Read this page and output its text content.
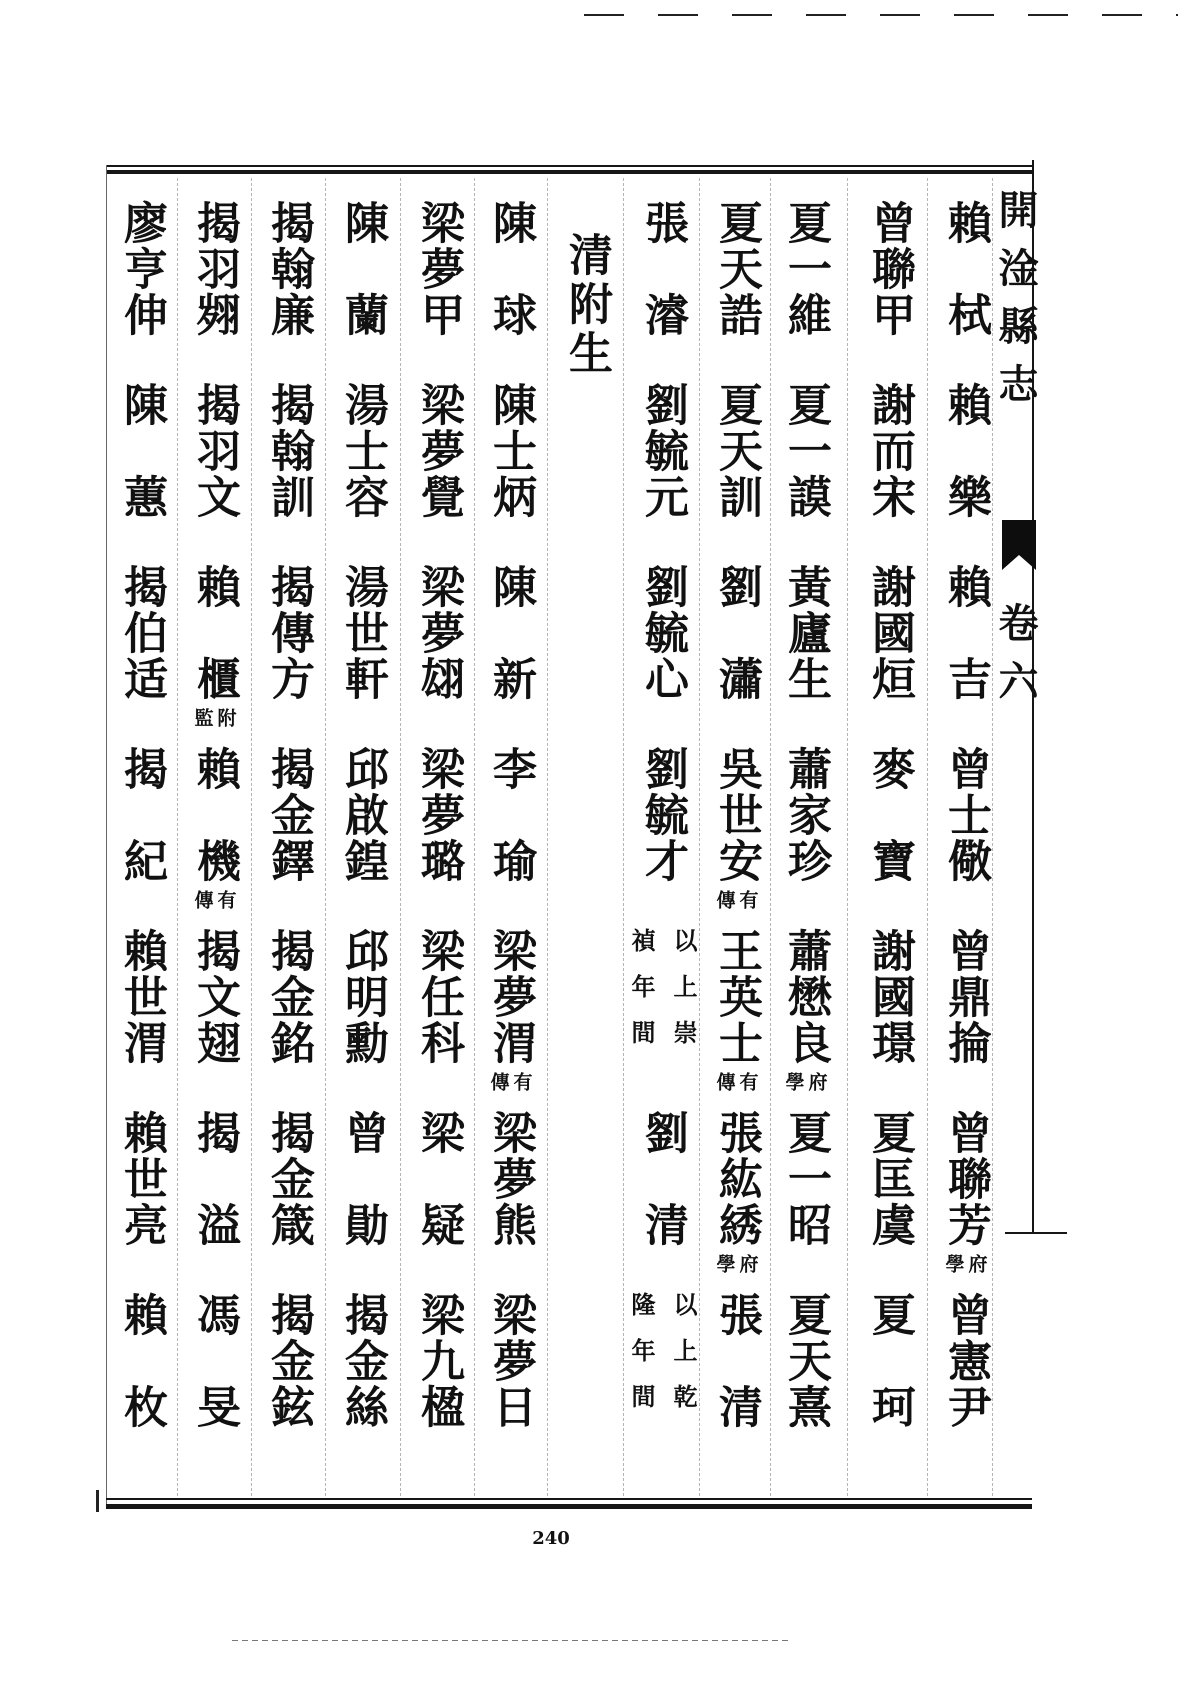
開淦縣志
卷六
賴　栻
賴　樂
賴　吉
曾士儆
曾鼎掄
曾聯芳
府
學
曾憲尹
曾聯甲
謝而宋
謝國烜
麥　寶
謝國璟
夏匡虞
夏　珂
夏一維
夏一謨
黃廬生
蕭家珍
蕭懋良
府
學
夏一昭
夏天熹
夏天誥
夏天訓
劉　瀟
吳世安
有
傳
王英士
有
傳
張紘綉
府
學
張　清
張　濬
劉毓元
劉毓心
劉毓才
以上崇
禎年間
劉　清
以上乾
隆年間
清附生
陳　球
陳士炳
陳　新
李　瑜
梁夢渭
有
傳
梁夢熊
梁夢日
梁夢甲
梁夢覺
梁夢翃
梁夢璐
梁任科
梁　疑
梁九楹
陳　蘭
湯士容
湯世軒
邱啟鍠
邱明勳
曾　勛
揭金絲
揭翰廉
揭翰訓
揭傳方
揭金鐸
揭金銘
揭金箴
揭金鉉
揭羽翙
揭羽文
賴　櫃
附
監
賴　機
有
傳
揭文翅
揭　溢
馮　旻
廖亨伸
陳　蕙
揭伯适
揭　紀
賴世渭
賴世亮
賴　枚
240
